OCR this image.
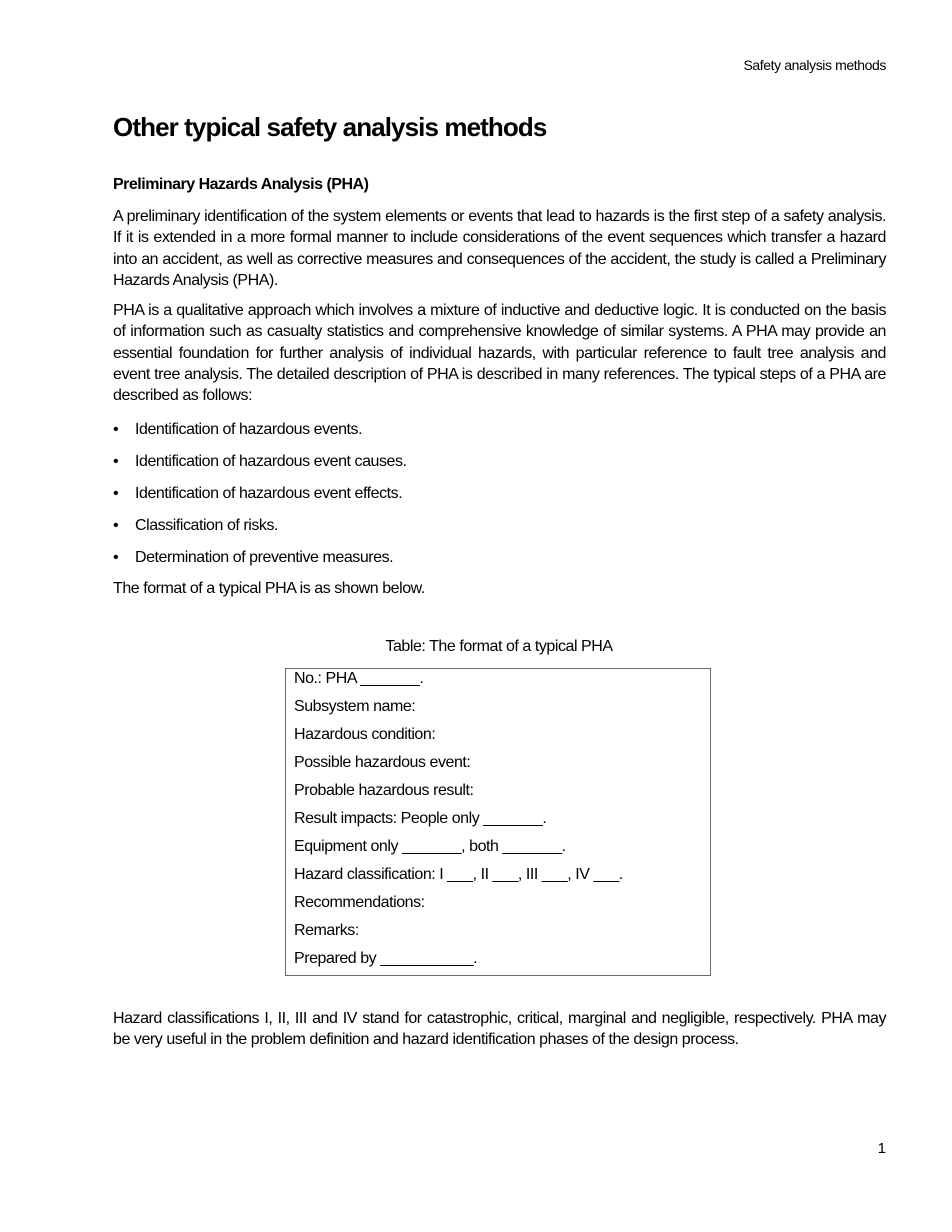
Safety analysis methods
Other typical safety analysis methods
Preliminary Hazards Analysis (PHA)

A preliminary identification of the system elements or events that lead to hazards is the first step of a safety analysis. If it is extended in a more formal manner to include considerations of the event sequences which transfer a hazard into an accident, as well as corrective measures and consequences of the accident, the study is called a Preliminary Hazards Analysis (PHA).

PHA is a qualitative approach which involves a mixture of inductive and deductive logic. It is conducted on the basis of information such as casualty statistics and comprehensive knowledge of similar systems. A PHA may provide an essential foundation for further analysis of individual hazards, with particular reference to fault tree analysis and event tree analysis. The detailed description of PHA is described in many references. The typical steps of a PHA are described as follows:

•	Identification of hazardous events.
•	Identification of hazardous event causes.
•	Identification of hazardous event effects.
•	Classification of risks.
•	Determination of preventive measures.

The format of a typical PHA is as shown below.

Table: The format of a typical PHA
No.: PHA _______.
Subsystem name:
Hazardous condition:
Possible hazardous event:
Probable hazardous result:
Result impacts: People only _______.
Equipment only _______, both _______.
Hazard classification: I ___, II ___, III ___, IV ___.
Recommendations:
Remarks:
Prepared by ___________.

Hazard classifications I, II, III and IV stand for catastrophic, critical, marginal and negligible, respectively. PHA may be very useful in the problem definition and hazard identification phases of the design process.

1
